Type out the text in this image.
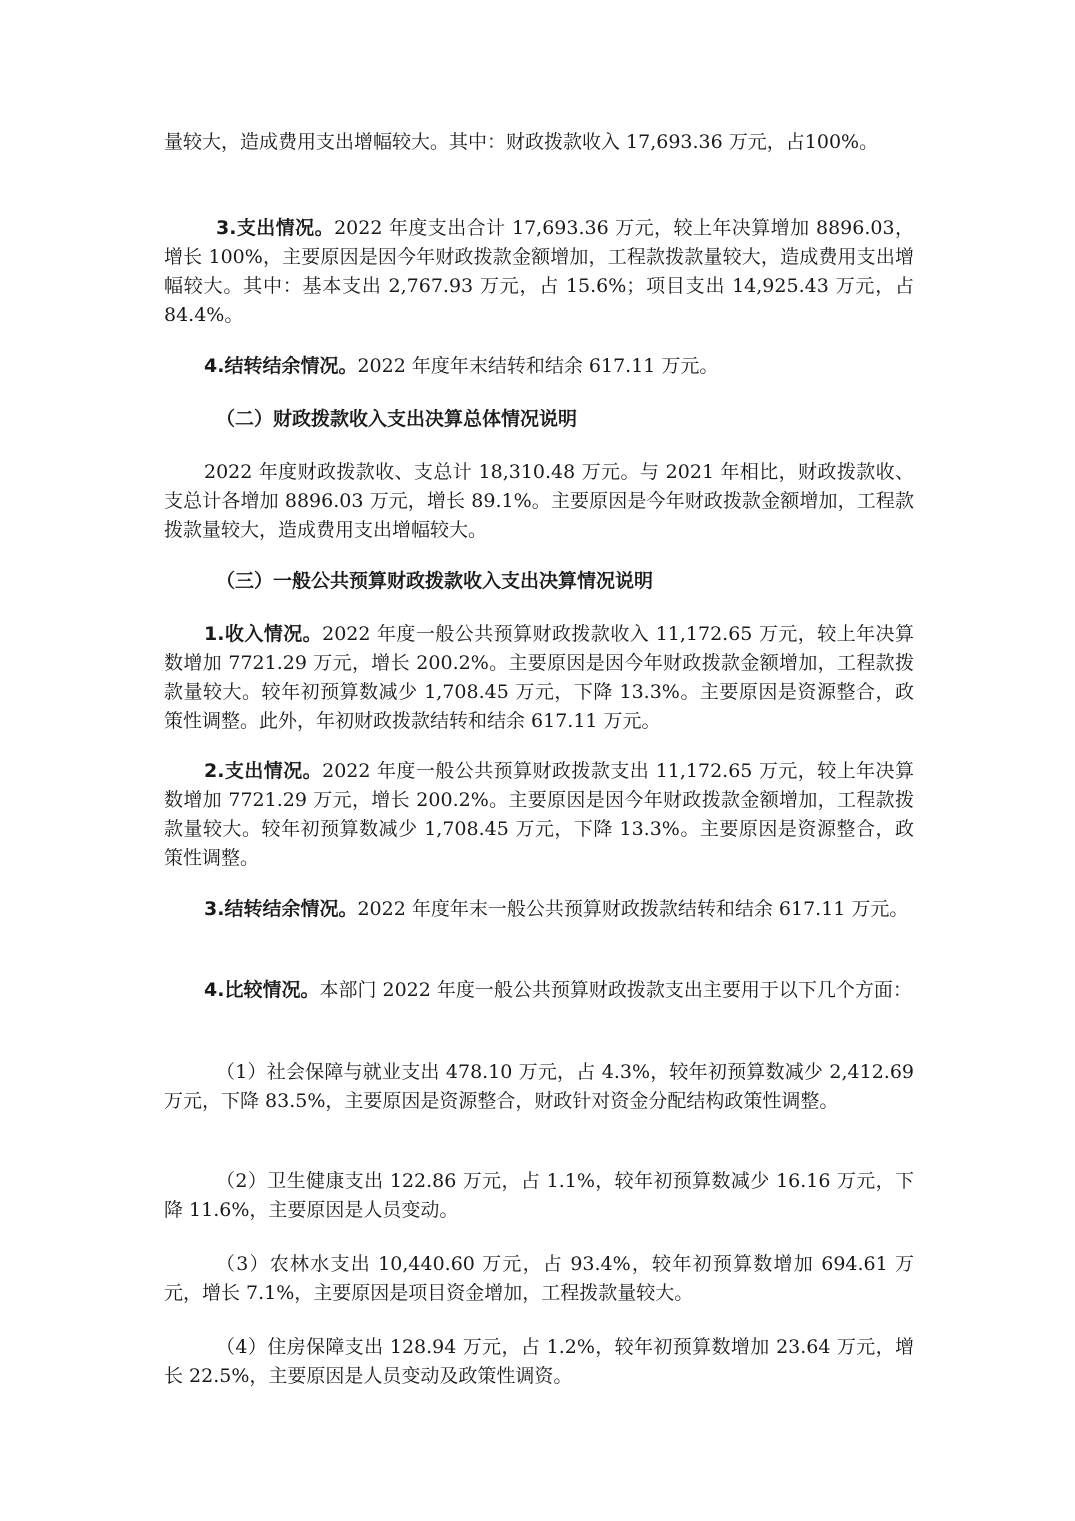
量较大，造成费用支出增幅较大。其中：财政拨款收入 17,693.36 万元，占100%。

3.支出情况。2022 年度支出合计 17,693.36 万元，较上年决算增加 8896.03，增长 100%，主要原因是因今年财政拨款金额增加，工程款拨款量较大，造成费用支出增幅较大。其中：基本支出 2,767.93 万元，占 15.6%；项目支出 14,925.43 万元，占 84.4%。

4.结转结余情况。2022 年度年末结转和结余 617.11 万元。

（二）财政拨款收入支出决算总体情况说明

2022 年度财政拨款收、支总计 18,310.48 万元。与 2021 年相比，财政拨款收、支总计各增加 8896.03 万元，增长 89.1%。主要原因是今年财政拨款金额增加，工程款拨款量较大，造成费用支出增幅较大。

（三）一般公共预算财政拨款收入支出决算情况说明

1.收入情况。2022 年度一般公共预算财政拨款收入 11,172.65 万元，较上年决算数增加 7721.29 万元，增长 200.2%。主要原因是因今年财政拨款金额增加，工程款拨款量较大。较年初预算数减少 1,708.45 万元，下降 13.3%。主要原因是资源整合，政策性调整。此外，年初财政拨款结转和结余 617.11 万元。

2.支出情况。2022 年度一般公共预算财政拨款支出 11,172.65 万元，较上年决算数增加 7721.29 万元，增长 200.2%。主要原因是因今年财政拨款金额增加，工程款拨款量较大。较年初预算数减少 1,708.45 万元，下降 13.3%。主要原因是资源整合，政策性调整。

3.结转结余情况。2022 年度年末一般公共预算财政拨款结转和结余 617.11 万元。

4.比较情况。本部门 2022 年度一般公共预算财政拨款支出主要用于以下几个方面：

（1）社会保障与就业支出 478.10 万元，占 4.3%，较年初预算数减少 2,412.69 万元，下降 83.5%，主要原因是资源整合，财政针对资金分配结构政策性调整。

（2）卫生健康支出 122.86 万元，占 1.1%，较年初预算数减少 16.16 万元，下降 11.6%，主要原因是人员变动。

（3）农林水支出 10,440.60 万元，占 93.4%，较年初预算数增加 694.61 万元，增长 7.1%，主要原因是项目资金增加，工程拨款量较大。

（4）住房保障支出 128.94 万元，占 1.2%，较年初预算数增加 23.64 万元，增长 22.5%，主要原因是人员变动及政策性调资。
